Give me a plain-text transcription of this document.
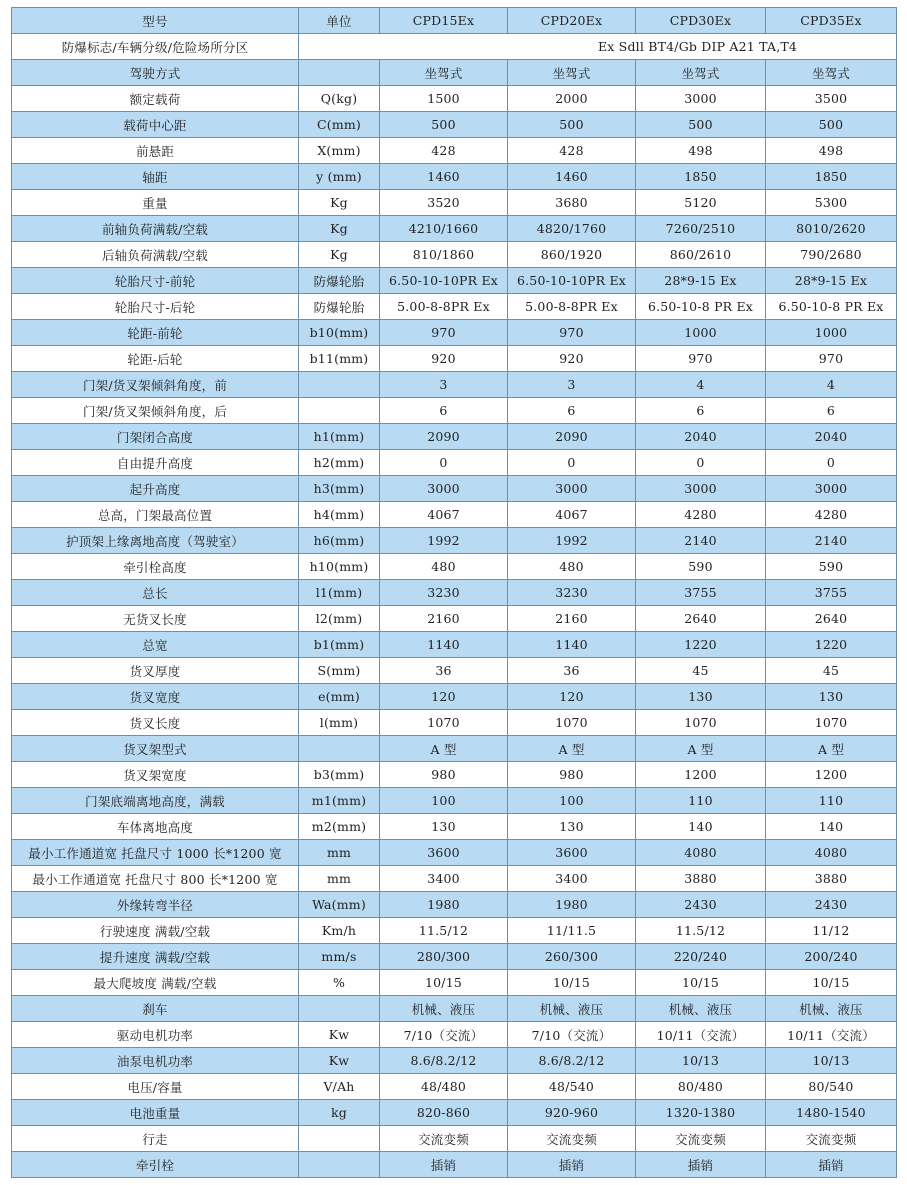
型号	单位	CPD15Ex	CPD20Ex	CPD30Ex	CPD35Ex
防爆标志/车辆分级/危险场所分区	Ex Sdll BT4/Gb DIP A21 TA,T4				
驾驶方式		坐驾式	坐驾式	坐驾式	坐驾式
额定载荷	Q(kg)	1500	2000	3000	3500
载荷中心距	C(mm)	500	500	500	500
前悬距	X(mm)	428	428	498	498
轴距	y (mm)	1460	1460	1850	1850
重量	Kg	3520	3680	5120	5300
前轴负荷满载/空载	Kg	4210/1660	4820/1760	7260/2510	8010/2620
后轴负荷满载/空载	Kg	810/1860	860/1920	860/2610	790/2680
轮胎尺寸-前轮	防爆轮胎	6.50-10-10PR Ex	6.50-10-10PR Ex	28*9-15 Ex	28*9-15 Ex
轮胎尺寸-后轮	防爆轮胎	5.00-8-8PR Ex	5.00-8-8PR Ex	6.50-10-8 PR Ex	6.50-10-8 PR Ex
轮距-前轮	b10(mm)	970	970	1000	1000
轮距-后轮	b11(mm)	920	920	970	970
门架/货叉架倾斜角度，前		3	3	4	4
门架/货叉架倾斜角度，后		6	6	6	6
门架闭合高度	h1(mm)	2090	2090	2040	2040
自由提升高度	h2(mm)	0	0	0	0
起升高度	h3(mm)	3000	3000	3000	3000
总高，门架最高位置	h4(mm)	4067	4067	4280	4280
护顶架上缘离地高度（驾驶室）	h6(mm)	1992	1992	2140	2140
牵引栓高度	h10(mm)	480	480	590	590
总长	l1(mm)	3230	3230	3755	3755
无货叉长度	l2(mm)	2160	2160	2640	2640
总宽	b1(mm)	1140	1140	1220	1220
货叉厚度	S(mm)	36	36	45	45
货叉宽度	e(mm)	120	120	130	130
货叉长度	l(mm)	1070	1070	1070	1070
货叉架型式		A 型	A 型	A 型	A 型
货叉架宽度	b3(mm)	980	980	1200	1200
门架底端离地高度，满载	m1(mm)	100	100	110	110
车体离地高度	m2(mm)	130	130	140	140
最小工作通道宽 托盘尺寸 1000 长*1200 宽	mm	3600	3600	4080	4080
最小工作通道宽 托盘尺寸 800 长*1200 宽	mm	3400	3400	3880	3880
外缘转弯半径	Wa(mm)	1980	1980	2430	2430
行驶速度 满载/空载	Km/h	11.5/12	11/11.5	11.5/12	11/12
提升速度 满载/空载	mm/s	280/300	260/300	220/240	200/240
最大爬坡度 满载/空载	%	10/15	10/15	10/15	10/15
刹车		机械、液压	机械、液压	机械、液压	机械、液压
驱动电机功率	Kw	7/10（交流）	7/10（交流）	10/11（交流）	10/11（交流）
油泵电机功率	Kw	8.6/8.2/12	8.6/8.2/12	10/13	10/13
电压/容量	V/Ah	48/480	48/540	80/480	80/540
电池重量	kg	820-860	920-960	1320-1380	1480-1540
行走		交流变频	交流变频	交流变频	交流变频
牵引栓		插销	插销	插销	插销
